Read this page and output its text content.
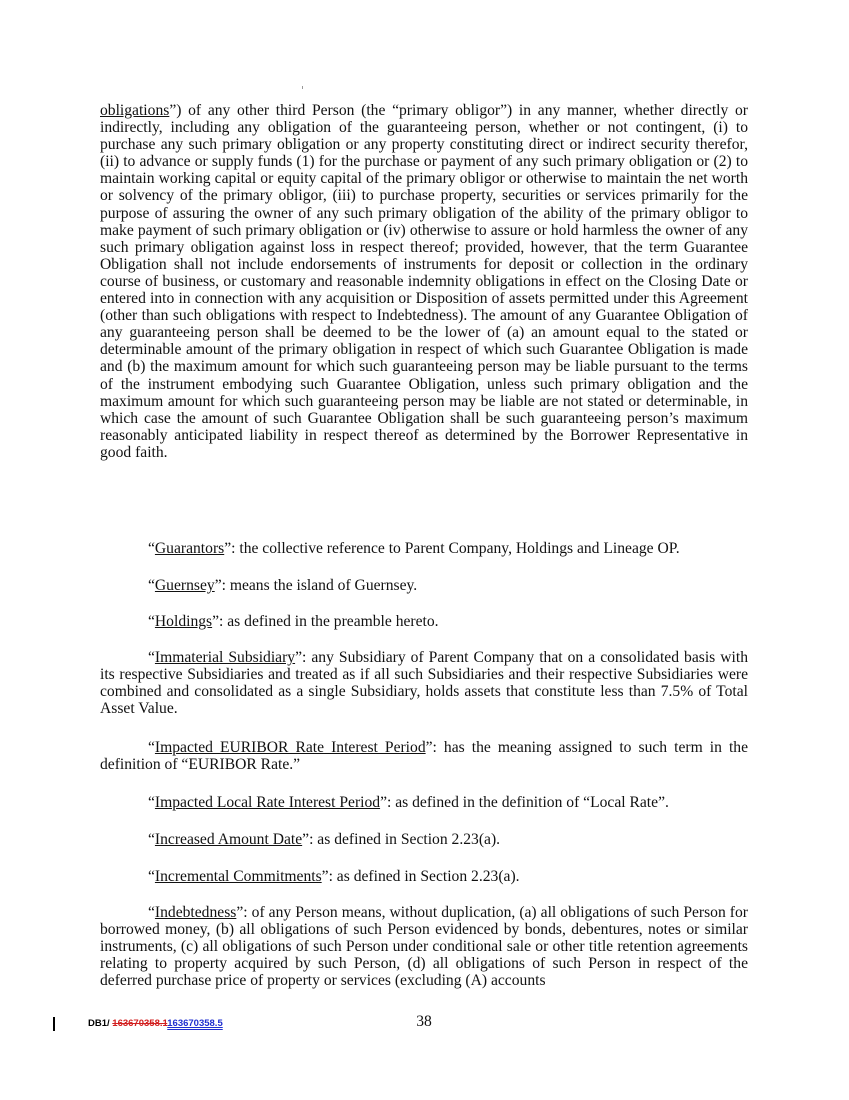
obligations”) of any other third Person (the “primary obligor”) in any manner, whether directly or indirectly, including any obligation of the guaranteeing person, whether or not contingent, (i) to purchase any such primary obligation or any property constituting direct or indirect security therefor, (ii) to advance or supply funds (1) for the purchase or payment of any such primary obligation or (2) to maintain working capital or equity capital of the primary obligor or otherwise to maintain the net worth or solvency of the primary obligor, (iii) to purchase property, securities or services primarily for the purpose of assuring the owner of any such primary obligation of the ability of the primary obligor to make payment of such primary obligation or (iv) otherwise to assure or hold harmless the owner of any such primary obligation against loss in respect thereof; provided, however, that the term Guarantee Obligation shall not include endorsements of instruments for deposit or collection in the ordinary course of business, or customary and reasonable indemnity obligations in effect on the Closing Date or entered into in connection with any acquisition or Disposition of assets permitted under this Agreement (other than such obligations with respect to Indebtedness). The amount of any Guarantee Obligation of any guaranteeing person shall be deemed to be the lower of (a) an amount equal to the stated or determinable amount of the primary obligation in respect of which such Guarantee Obligation is made and (b) the maximum amount for which such guaranteeing person may be liable pursuant to the terms of the instrument embodying such Guarantee Obligation, unless such primary obligation and the maximum amount for which such guaranteeing person may be liable are not stated or determinable, in which case the amount of such Guarantee Obligation shall be such guaranteeing person’s maximum reasonably anticipated liability in respect thereof as determined by the Borrower Representative in good faith.

“Guarantors”: the collective reference to Parent Company, Holdings and Lineage OP.

“Guernsey”: means the island of Guernsey.

“Holdings”: as defined in the preamble hereto.

“Immaterial Subsidiary”: any Subsidiary of Parent Company that on a consolidated basis with its respective Subsidiaries and treated as if all such Subsidiaries and their respective Subsidiaries were combined and consolidated as a single Subsidiary, holds assets that constitute less than 7.5% of Total Asset Value.

“Impacted EURIBOR Rate Interest Period”: has the meaning assigned to such term in the definition of “EURIBOR Rate.”

“Impacted Local Rate Interest Period”: as defined in the definition of “Local Rate”.

“Increased Amount Date”: as defined in Section 2.23(a).

“Incremental Commitments”: as defined in Section 2.23(a).

“Indebtedness”: of any Person means, without duplication, (a) all obligations of such Person for borrowed money, (b) all obligations of such Person evidenced by bonds, debentures, notes or similar instruments, (c) all obligations of such Person under conditional sale or other title retention agreements relating to property acquired by such Person, (d) all obligations of such Person in respect of the deferred purchase price of property or services (excluding (A) accounts

DB1/ 163670358.1163670358.5	38
